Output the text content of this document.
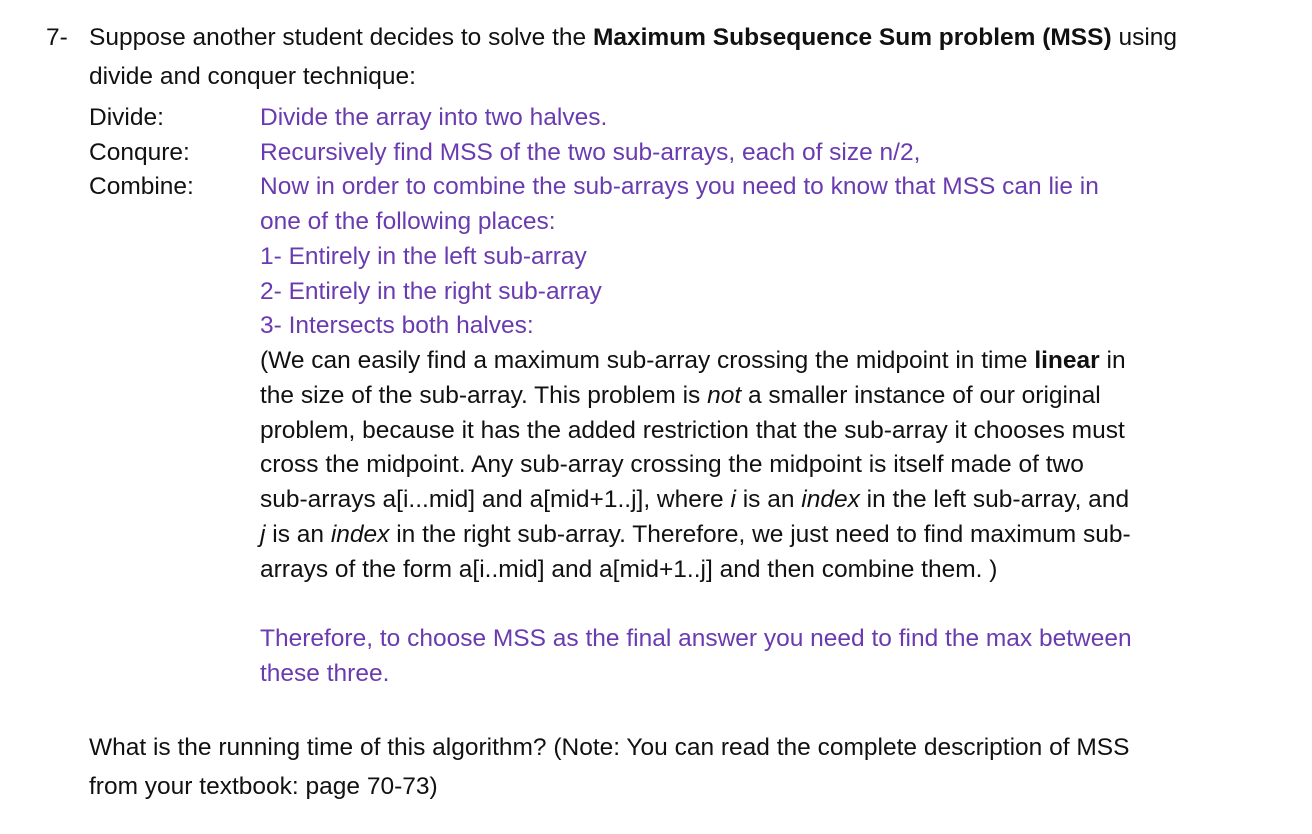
7- Suppose another student decides to solve the Maximum Subsequence Sum problem (MSS) using
divide and conquer technique:
Divide:	Divide the array into two halves.
Conqure:	Recursively find MSS of the two sub-arrays, each of size n/2,
Combine:	Now in order to combine the sub-arrays you need to know that MSS can lie in
one of the following places:
1- Entirely in the left sub-array
2- Entirely in the right sub-array
3- Intersects both halves:
(We can easily find a maximum sub-array crossing the midpoint in time linear in
the size of the sub-array. This problem is not a smaller instance of our original
problem, because it has the added restriction that the sub-array it chooses must
cross the midpoint. Any sub-array crossing the midpoint is itself made of two
sub-arrays a[i...mid] and a[mid+1..j], where i is an index in the left sub-array, and
j is an index in the right sub-array. Therefore, we just need to find maximum sub-
arrays of the form a[i..mid] and a[mid+1..j] and then combine them. )
Therefore, to choose MSS as the final answer you need to find the max between
these three.
What is the running time of this algorithm? (Note: You can read the complete description of MSS
from your textbook: page 70-73)
